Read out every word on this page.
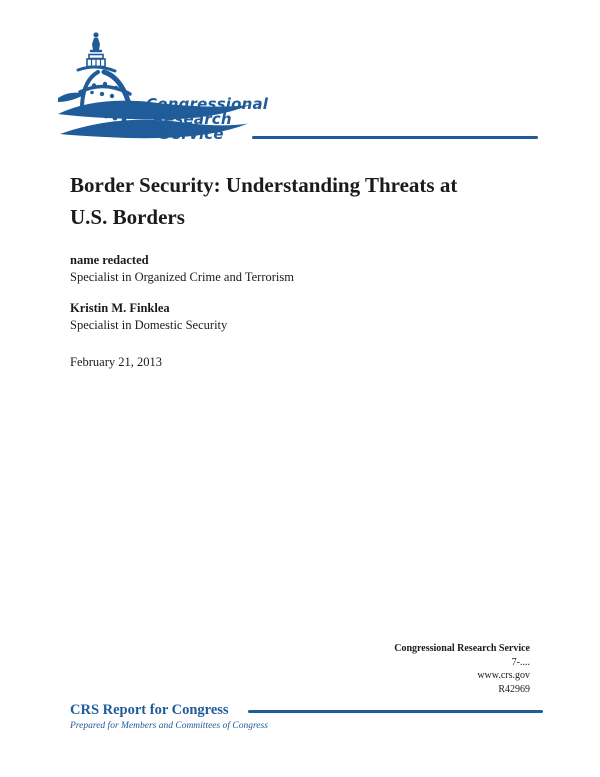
Congressional
Research
Service
Border Security: Understanding Threats at
U.S. Borders
name redacted
Specialist in Organized Crime and Terrorism
Kristin M. Finklea
Specialist in Domestic Security
February 21, 2013
Congressional Research Service
7-....
www.crs.gov
R42969
CRS Report for Congress
Prepared for Members and Committees of Congress
